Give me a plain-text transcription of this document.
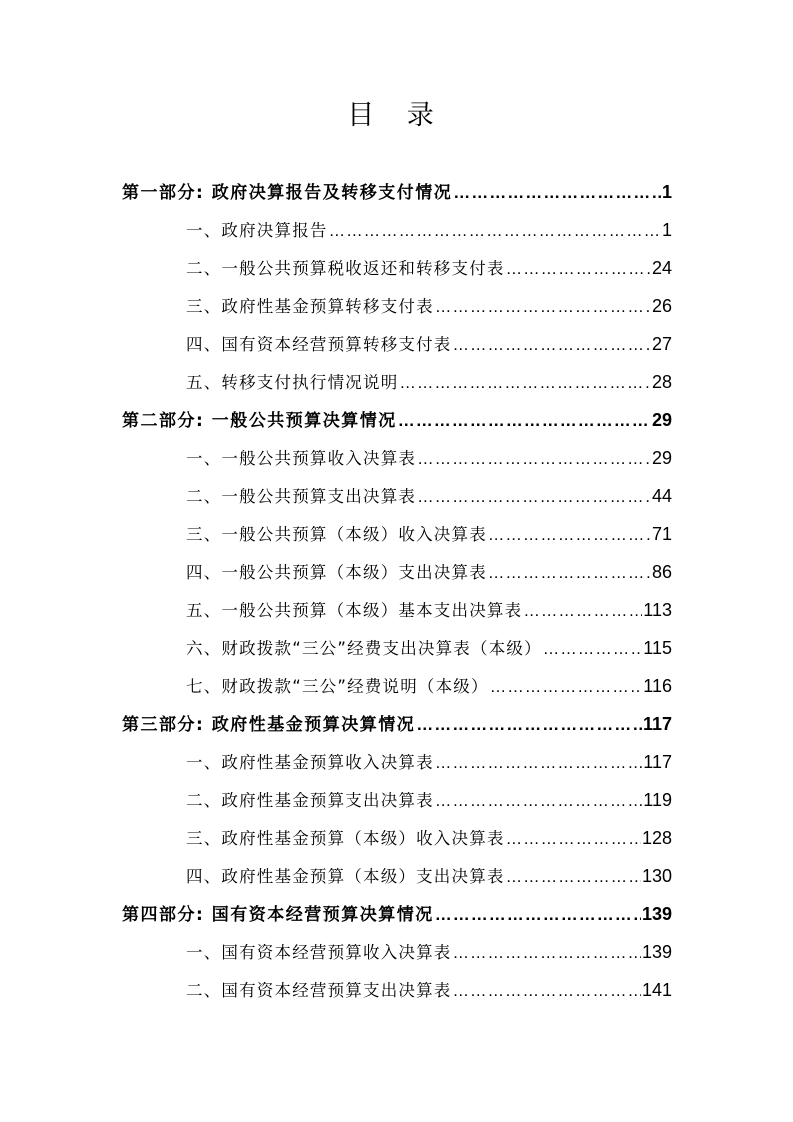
目 录
第一部分: 政府决算报告及转移支付情况 ……………………………………………………………………………………………………………………………………………………………	1
一、政府决算报告 ……………………………………………………………………………………………………………………………………………………………	1
二、一般公共预算税收返还和转移支付表 ……………………………………………………………………………………………………………………………………………………………	24
三、政府性基金预算转移支付表 ……………………………………………………………………………………………………………………………………………………………	26
四、国有资本经营预算转移支付表 ……………………………………………………………………………………………………………………………………………………………	27
五、转移支付执行情况说明 ……………………………………………………………………………………………………………………………………………………………	28
第二部分: 一般公共预算决算情况 ……………………………………………………………………………………………………………………………………………………………	29
一、一般公共预算收入决算表 ……………………………………………………………………………………………………………………………………………………………	29
二、一般公共预算支出决算表 ……………………………………………………………………………………………………………………………………………………………	44
三、一般公共预算（本级）收入决算表 ……………………………………………………………………………………………………………………………………………………………	71
四、一般公共预算（本级）支出决算表 ……………………………………………………………………………………………………………………………………………………………	86
五、一般公共预算（本级）基本支出决算表 ……………………………………………………………………………………………………………………………………………………………	113
六、财政拨款“三公”经费支出决算表（本级） ……………………………………………………………………………………………………………………………………………………………	115
七、财政拨款“三公”经费说明（本级） ……………………………………………………………………………………………………………………………………………………………	116
第三部分: 政府性基金预算决算情况 ……………………………………………………………………………………………………………………………………………………………	117
一、政府性基金预算收入决算表 ……………………………………………………………………………………………………………………………………………………………	117
二、政府性基金预算支出决算表 ……………………………………………………………………………………………………………………………………………………………	119
三、政府性基金预算（本级）收入决算表 ……………………………………………………………………………………………………………………………………………………………	128
四、政府性基金预算（本级）支出决算表 ……………………………………………………………………………………………………………………………………………………………	130
第四部分: 国有资本经营预算决算情况 ……………………………………………………………………………………………………………………………………………………………	139
一、国有资本经营预算收入决算表 ……………………………………………………………………………………………………………………………………………………………	139
二、国有资本经营预算支出决算表 ……………………………………………………………………………………………………………………………………………………………	141
